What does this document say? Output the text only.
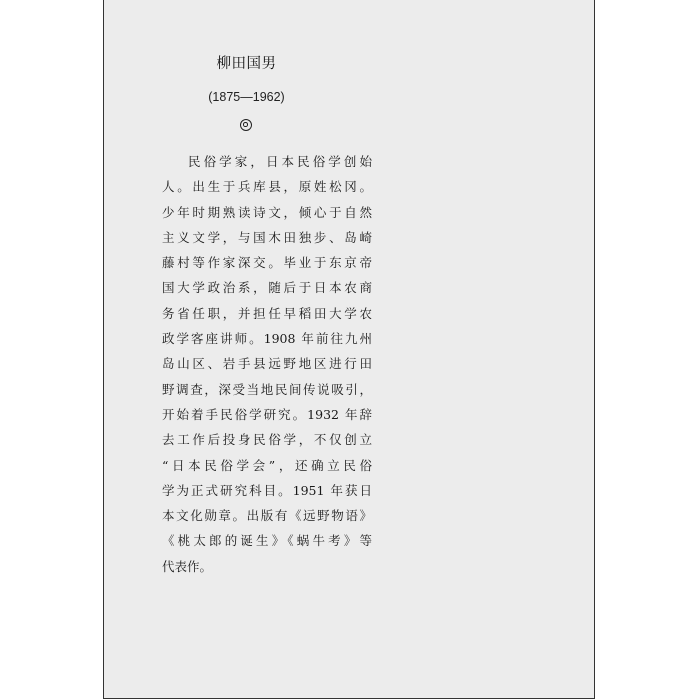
柳田国男
(1875—1962)
民俗学家，日本民俗学创始
人。出生于兵库县，原姓松冈。
少年时期熟读诗文，倾心于自然
主义文学，与国木田独步、岛崎
藤村等作家深交。毕业于东京帝
国大学政治系，随后于日本农商
务省任职，并担任早稻田大学农
政学客座讲师。1908 年前往九州
岛山区、岩手县远野地区进行田
野调查，深受当地民间传说吸引，
开始着手民俗学研究。1932 年辞
去工作后投身民俗学，不仅创立
“日本民俗学会”，还确立民俗
学为正式研究科目。1951 年获日
本文化勋章。出版有《远野物语》
《桃太郎的诞生》《蜗牛考》等
代表作。
